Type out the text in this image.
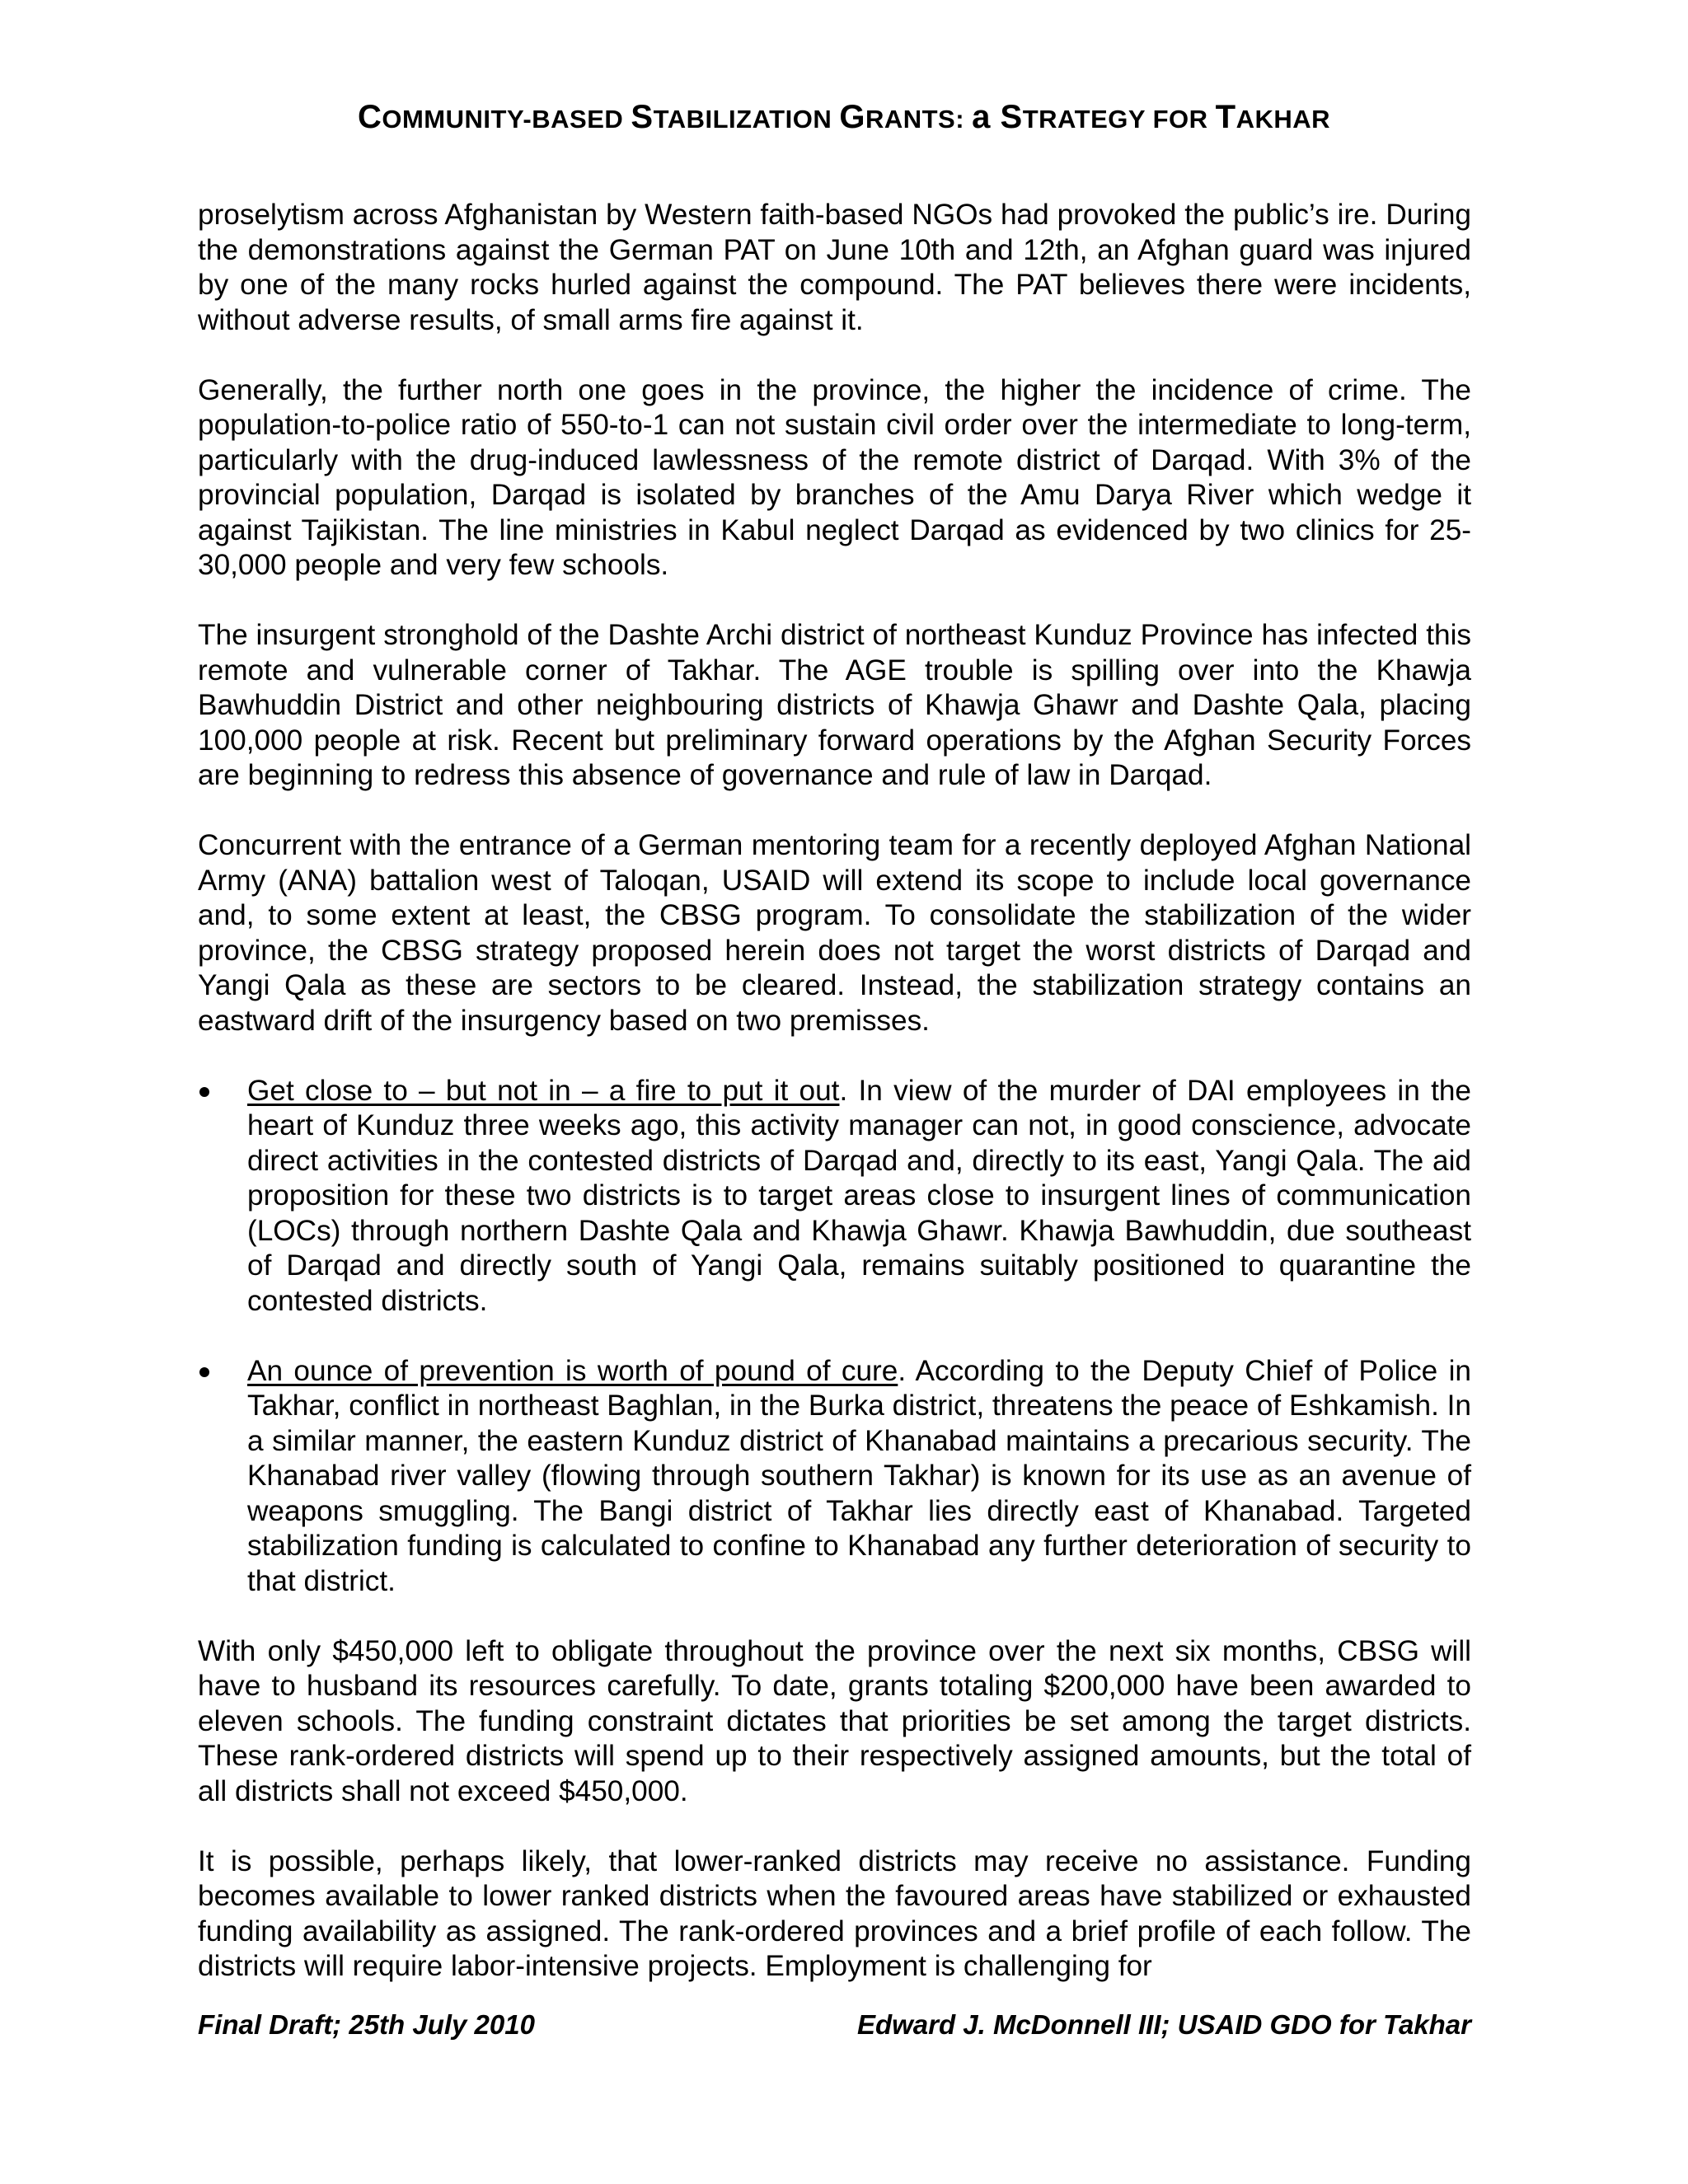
COMMUNITY-BASED STABILIZATION GRANTS: a STRATEGY FOR TAKHAR

proselytism across Afghanistan by Western faith-based NGOs had provoked the public’s ire. During the demonstrations against the German PAT on June 10th and 12th, an Afghan guard was injured by one of the many rocks hurled against the compound. The PAT believes there were incidents, without adverse results, of small arms fire against it.

Generally, the further north one goes in the province, the higher the incidence of crime. The population-to-police ratio of 550-to-1 can not sustain civil order over the intermediate to long-term, particularly with the drug-induced lawlessness of the remote district of Darqad. With 3% of the provincial population, Darqad is isolated by branches of the Amu Darya River which wedge it against Tajikistan. The line ministries in Kabul neglect Darqad as evidenced by two clinics for 25-30,000 people and very few schools.

The insurgent stronghold of the Dashte Archi district of northeast Kunduz Province has infected this remote and vulnerable corner of Takhar. The AGE trouble is spilling over into the Khawja Bawhuddin District and other neighbouring districts of Khawja Ghawr and Dashte Qala, placing 100,000 people at risk. Recent but preliminary forward operations by the Afghan Security Forces are beginning to redress this absence of governance and rule of law in Darqad.

Concurrent with the entrance of a German mentoring team for a recently deployed Afghan National Army (ANA) battalion west of Taloqan, USAID will extend its scope to include local governance and, to some extent at least, the CBSG program. To consolidate the stabilization of the wider province, the CBSG strategy proposed herein does not target the worst districts of Darqad and Yangi Qala as these are sectors to be cleared. Instead, the stabilization strategy contains an eastward drift of the insurgency based on two premisses.

Get close to – but not in – a fire to put it out. In view of the murder of DAI employees in the heart of Kunduz three weeks ago, this activity manager can not, in good conscience, advocate direct activities in the contested districts of Darqad and, directly to its east, Yangi Qala. The aid proposition for these two districts is to target areas close to insurgent lines of communication (LOCs) through northern Dashte Qala and Khawja Ghawr. Khawja Bawhuddin, due southeast of Darqad and directly south of Yangi Qala, remains suitably positioned to quarantine the contested districts.
An ounce of prevention is worth of pound of cure. According to the Deputy Chief of Police in Takhar, conflict in northeast Baghlan, in the Burka district, threatens the peace of Eshkamish. In a similar manner, the eastern Kunduz district of Khanabad maintains a precarious security. The Khanabad river valley (flowing through southern Takhar) is known for its use as an avenue of weapons smuggling. The Bangi district of Takhar lies directly east of Khanabad. Targeted stabilization funding is calculated to confine to Khanabad any further deterioration of security to that district.

With only $450,000 left to obligate throughout the province over the next six months, CBSG will have to husband its resources carefully. To date, grants totaling $200,000 have been awarded to eleven schools. The funding constraint dictates that priorities be set among the target districts. These rank-ordered districts will spend up to their respectively assigned amounts, but the total of all districts shall not exceed $450,000.

It is possible, perhaps likely, that lower-ranked districts may receive no assistance. Funding becomes available to lower ranked districts when the favoured areas have stabilized or exhausted funding availability as assigned. The rank-ordered provinces and a brief profile of each follow. The districts will require labor-intensive projects. Employment is challenging for

Final Draft; 25th July 2010	Edward J. McDonnell III; USAID GDO for Takhar
